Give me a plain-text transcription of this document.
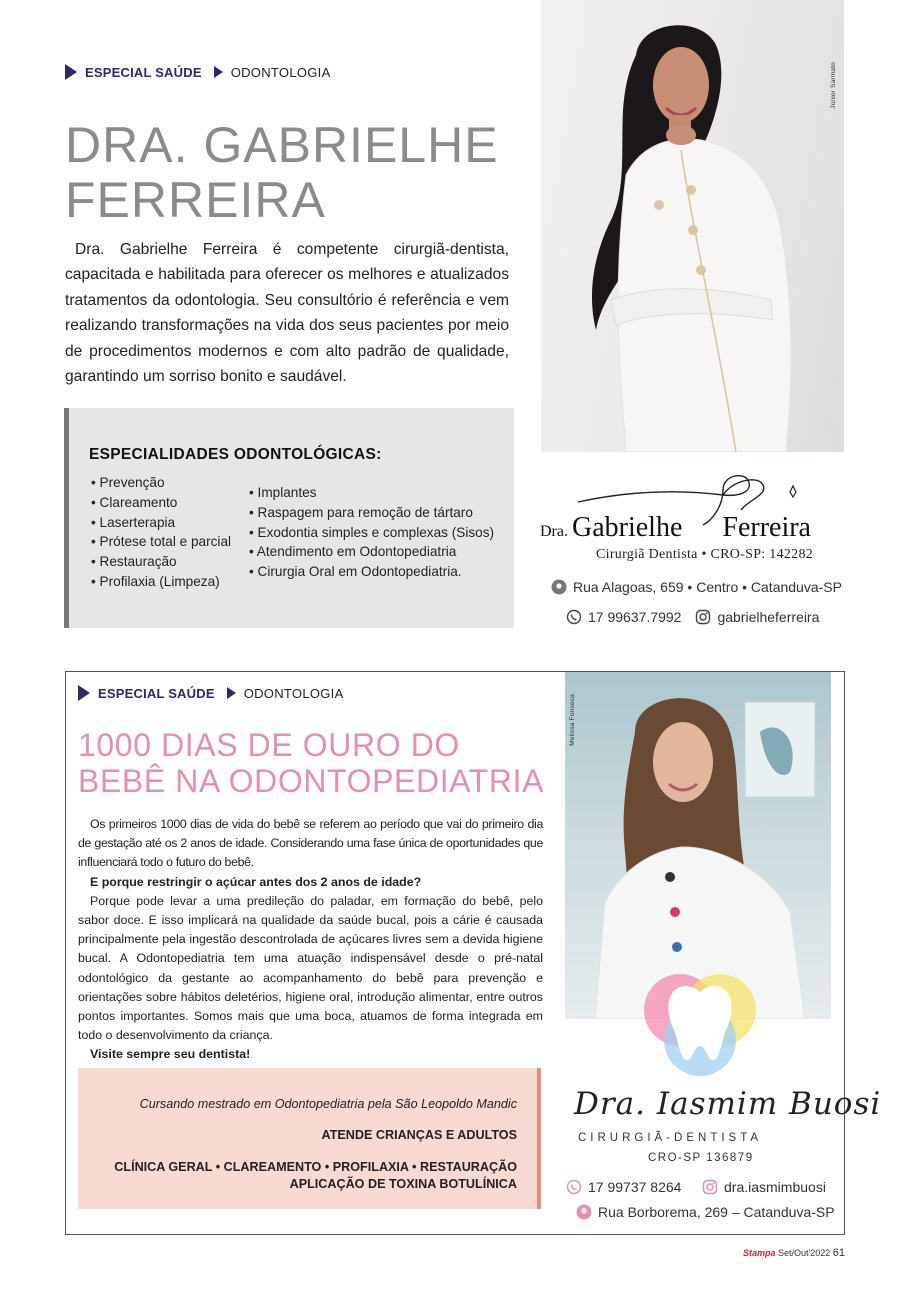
ESPECIAL SAÚDE ODONTOLOGIA
DRA. GABRIELHE
FERREIRA

Dra. Gabrielhe Ferreira é competente cirurgiã-dentista, capacitada e habilitada para oferecer os melhores e atualizados tratamentos da odontologia. Seu consultório é referência e vem realizando transformações na vida dos seus pacientes por meio de procedimentos modernos e com alto padrão de qualidade, garantindo um sorriso bonito e saudável.

ESPECIALIDADES ODONTOLÓGICAS:
• Prevenção
• Clareamento
• Laserterapia
• Prótese total e parcial
• Restauração
• Profilaxia (Limpeza)
• Implantes
• Raspagem para remoção de tártaro
• Exodontia simples e complexas (Sisos)
• Atendimento em Odontopediatria
• Cirurgia Oral em Odontopediatria.
Júnior Sarmato
Dra. Gabrielhe Ferreira
Cirurgiã Dentista • CRO-SP: 142282
Rua Alagoas, 659 • Centro • Catanduva-SP
17 99637.7992	gabrielheferreira
ESPECIAL SAÚDE ODONTOLOGIA
1000 DIAS DE OURO DO
BEBÊ NA ODONTOPEDIATRIA

Os primeiros 1000 dias de vida do bebê se referem ao período que vai do primeiro dia de gestação até os 2 anos de idade. Considerando uma fase única de oportunidades que influenciará todo o futuro do bebê.

E porque restringir o açúcar antes dos 2 anos de idade?

Porque pode levar a uma predileção do paladar, em formação do bebê, pelo sabor doce. E isso implicará na qualidade da saúde bucal, pois a cárie é causada principalmente pela ingestão descontrolada de açúcares livres sem a devida higiene bucal. A Odontopediatria tem uma atuação indispensável desde o pré-natal odontológico da gestante ao acompanhamento do bebê para prevenção e orientações sobre hábitos deletérios, higiene oral, introdução alimentar, entre outros pontos importantes. Somos mais que uma boca, atuamos de forma integrada em todo o desenvolvimento da criança.

Visite sempre seu dentista!

Cursando mestrado em Odontopediatria pela São Leopoldo Mandic
ATENDE CRIANÇAS E ADULTOS
CLÍNICA GERAL • CLAREAMENTO • PROFILAXIA • RESTAURAÇÃO
APLICAÇÃO DE TOXINA BOTULÍNICA
Melissa Fonseca
Dra. Iasmim Buosi
CIRURGIÃ-DENTISTA
CRO-SP 136879
17 99737 8264	dra.iasmimbuosi
Rua Borborema, 269 – Catanduva-SP
Stampa Set/Out'2022 61
